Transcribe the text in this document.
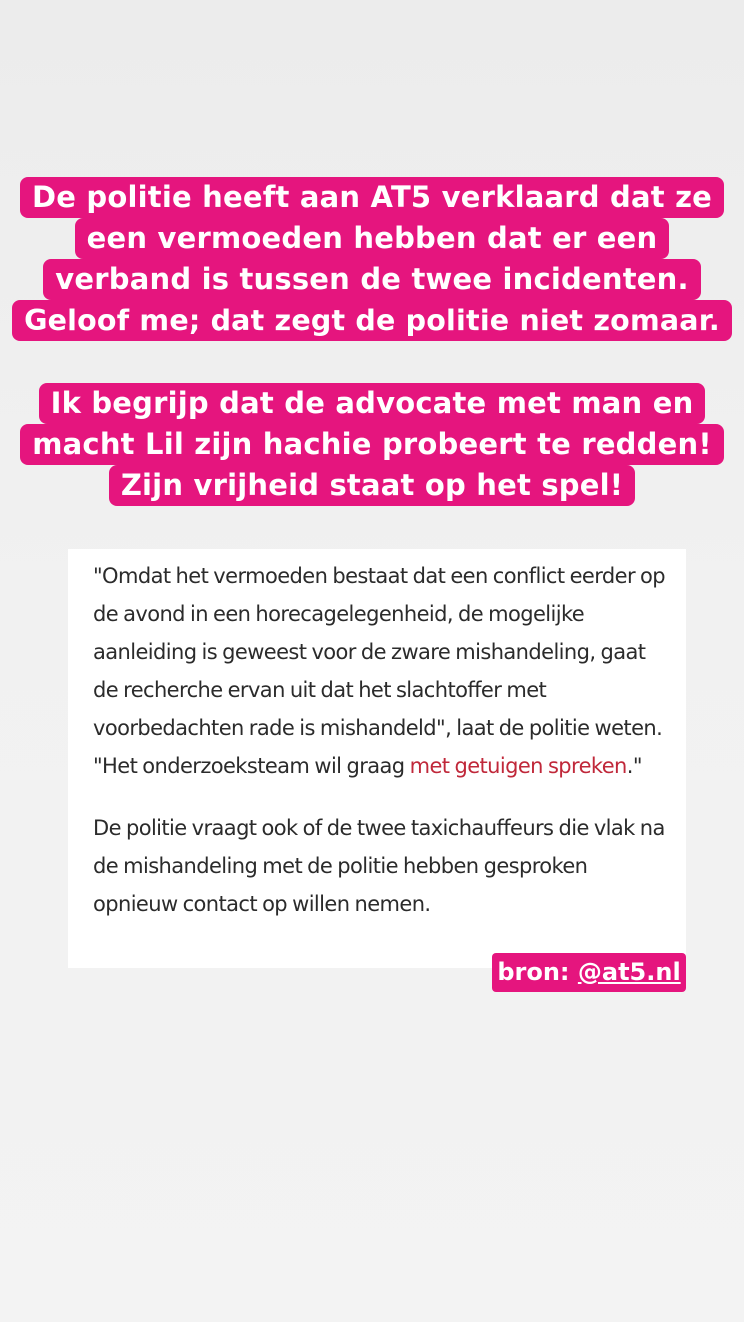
De politie heeft aan AT5 verklaard dat ze
een vermoeden hebben dat er een
verband is tussen de twee incidenten.
Geloof me; dat zegt de politie niet zomaar.
Ik begrijp dat de advocate met man en
macht Lil zijn hachie probeert te redden!
Zijn vrijheid staat op het spel!

"Omdat het vermoeden bestaat dat een conflict eerder op de avond in een horecagelegenheid, de mogelijke aanleiding is geweest voor de zware mishandeling, gaat de recherche ervan uit dat het slachtoffer met voorbedachten rade is mishandeld", laat de politie weten. "Het onderzoeksteam wil graag met getuigen spreken."

De politie vraagt ook of de twee taxichauffeurs die vlak na de mishandeling met de politie hebben gesproken opnieuw contact op willen nemen.

bron: @at5.nl
